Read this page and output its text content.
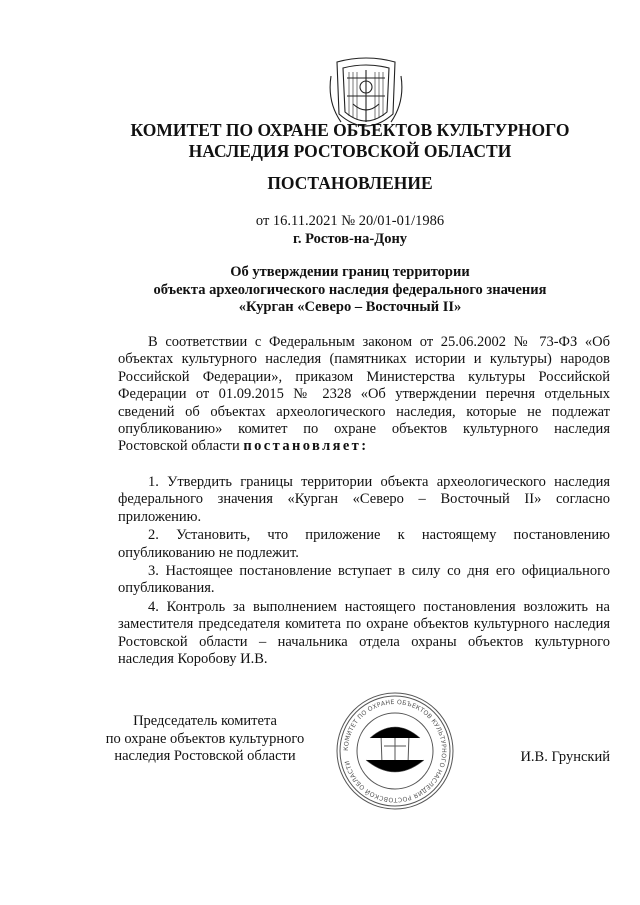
КОМИТЕТ ПО ОХРАНЕ ОБЪЕКТОВ КУЛЬТУРНОГО
НАСЛЕДИЯ РОСТОВСКОЙ ОБЛАСТИ
ПОСТАНОВЛЕНИЕ
от 16.11.2021 № 20/01-01/1986
г. Ростов-на-Дону
Об утверждении границ территории
объекта археологического наследия федерального значения
«Курган «Северо – Восточный II»
В соответствии с Федеральным законом от 25.06.2002 № 73-ФЗ «Об объектах культурного наследия (памятниках истории и культуры) народов Российской Федерации», приказом Министерства культуры Российской Федерации от 01.09.2015 № 2328 «Об утверждении перечня отдельных сведений об объектах археологического наследия, которые не подлежат опубликованию» комитет по охране объектов культурного наследия Ростовской области постановляет:

1. Утвердить границы территории объекта археологического наследия федерального значения «Курган «Северо – Восточный II» согласно приложению.

2. Установить, что приложение к настоящему постановлению опубликованию не подлежит.

3. Настоящее постановление вступает в силу со дня его официального опубликования.

4. Контроль за выполнением настоящего постановления возложить на заместителя председателя комитета по охране объектов культурного наследия Ростовской области – начальника отдела охраны объектов культурного наследия Коробову И.В.

Председатель комитета
по охране объектов культурного
наследия Ростовской области	КОМИТЕТ ПО ОХРАНЕ ОБЪЕКТОВ КУЛЬТУРНОГО НАСЛЕДИЯ РОСТОВСКОЙ ОБЛАСТИ	И.В. Грунский
